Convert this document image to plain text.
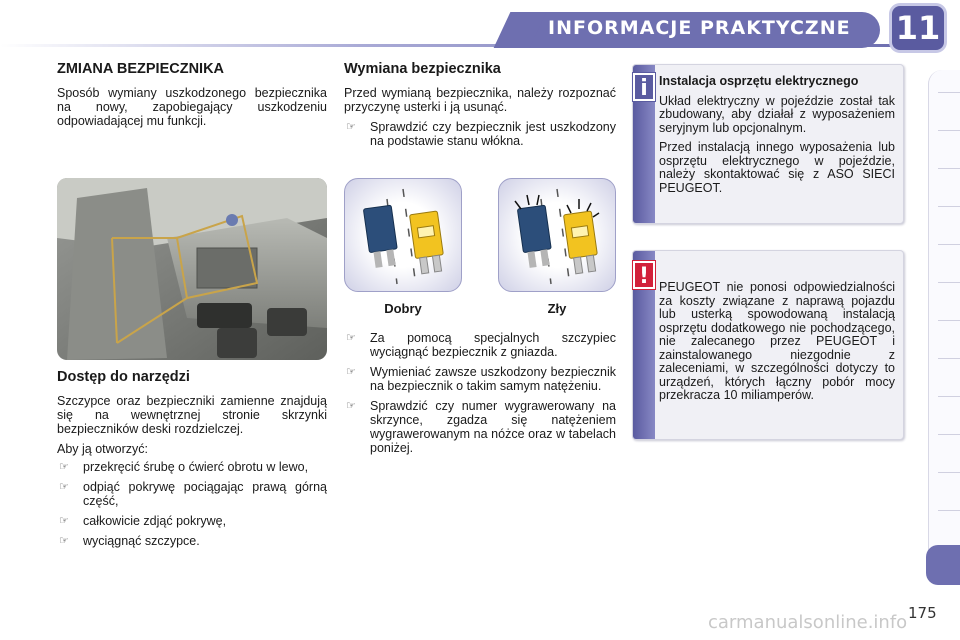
INFORMACJE PRAKTYCZNE 11
ZMIANA BEZPIECZNIKA

Sposób wymiany uszkodzonego bezpiecznika na nowy, zapobiegający uszkodzeniu odpowiadającej mu funkcji.

Dostęp do narzędzi

Szczypce oraz bezpieczniki zamienne znajdują się na wewnętrznej stronie skrzynki bezpieczników deski rozdzielczej.

Aby ją otworzyć:

☞ przekręcić śrubę o ćwierć obrotu w lewo,
☞ odpiąć pokrywę pociągając prawą górną część,
☞ całkowicie zdjąć pokrywę,
☞ wyciągnąć szczypce.
Wymiana bezpiecznika

Przed wymianą bezpiecznika, należy rozpoznać przyczynę usterki i ją usunąć.

☞ Sprawdzić czy bezpiecznik jest uszkodzony na podstawie stanu włókna.
Dobry	Zły
☞ Za pomocą specjalnych szczypiec wyciągnąć bezpiecznik z gniazda.
☞ Wymieniać zawsze uszkodzony bezpiecznik na bezpiecznik o takim samym natężeniu.
☞ Sprawdzić czy numer wygrawerowany na skrzynce, zgadza się natężeniem wygrawerowanym na nóżce oraz w tabelach poniżej.
i Instalacja osprzętu elektrycznego

Układ elektryczny w pojeździe został tak zbudowany, aby działał z wyposażeniem seryjnym lub opcjonalnym.

Przed instalacją innego wyposażenia lub osprzętu elektrycznego w pojeździe, należy skontaktować się z ASO SIECI PEUGEOT.

! PEUGEOT nie ponosi odpowiedzialności za koszty związane z naprawą pojazdu lub usterką spowodowaną instalacją osprzętu dodatkowego nie pochodzącego, nie zalecanego przez PEUGEOT i zainstalowanego niezgodnie z zaleceniami, w szczególności dotyczy to urządzeń, których łączny pobór mocy przekracza 10 miliamperów.

carmanualsonline.info 175
